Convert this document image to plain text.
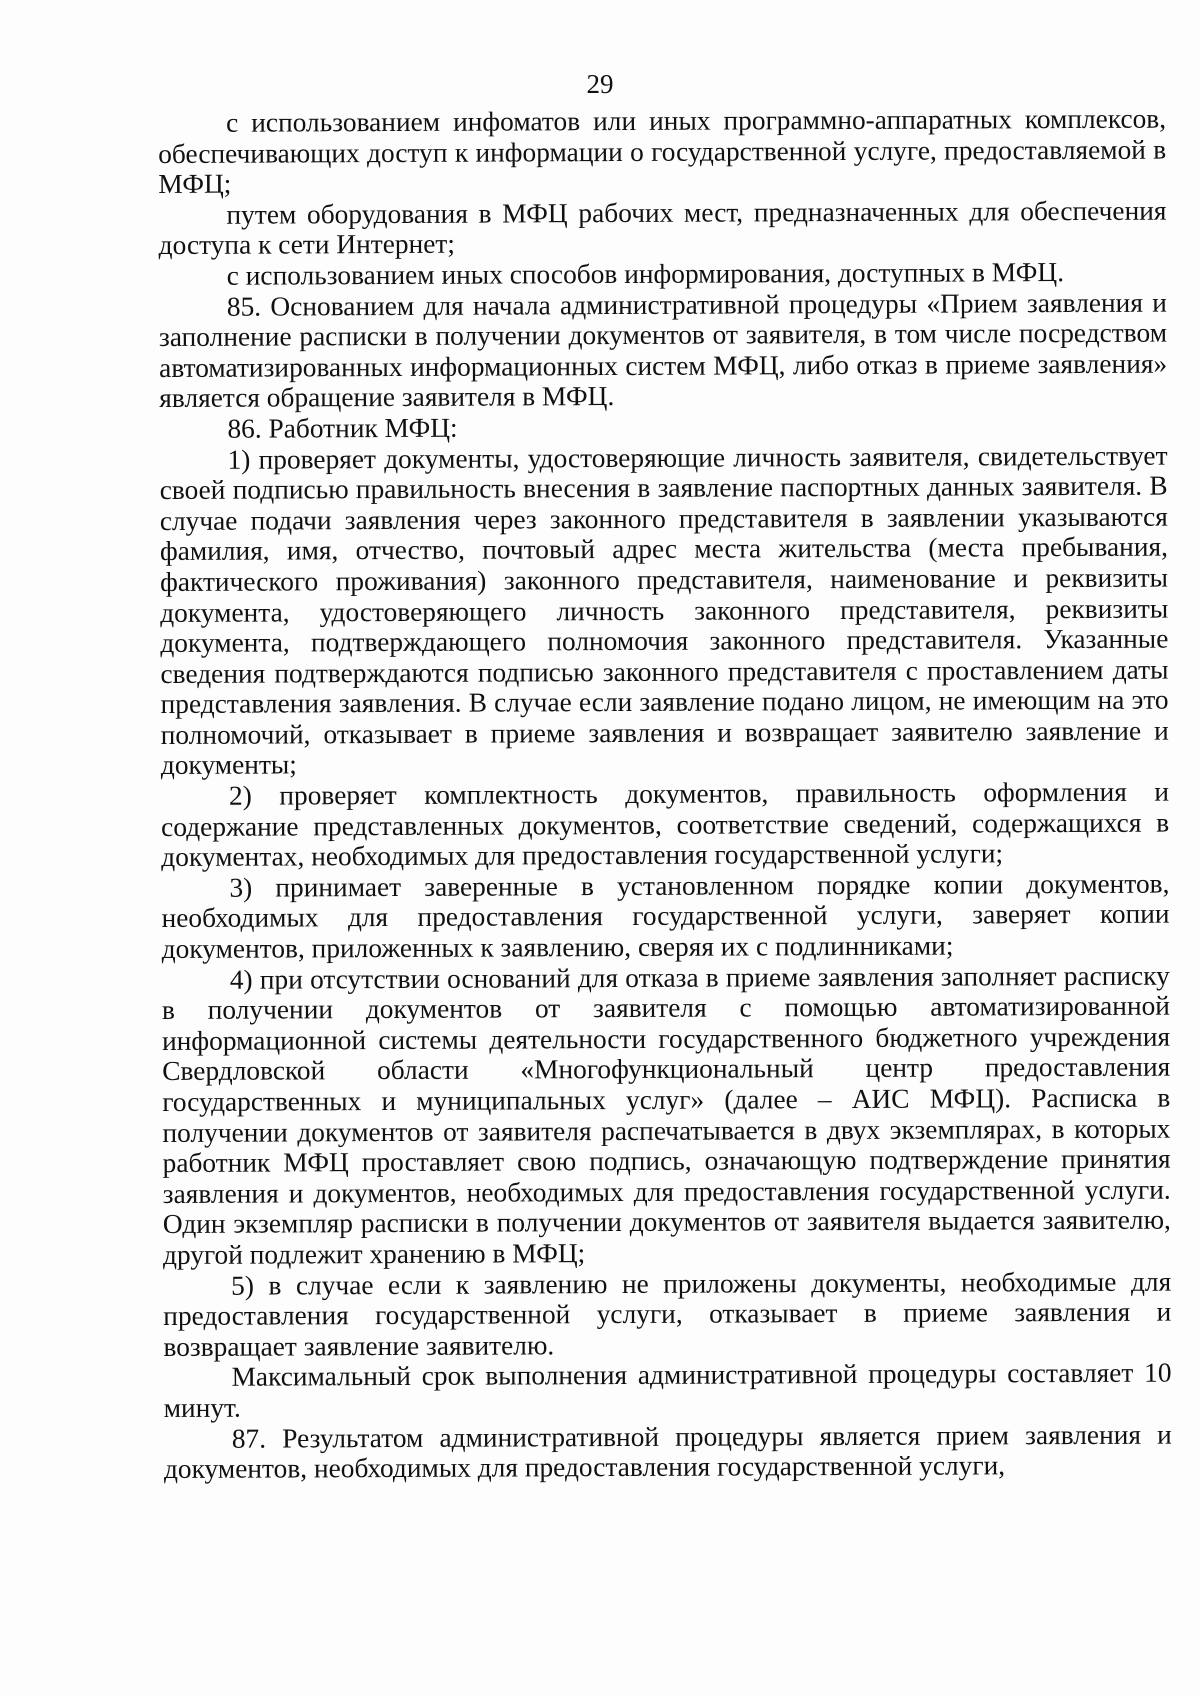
29

с использованием инфоматов или иных программно-аппаратных комплексов, обеспечивающих доступ к информации о государственной услуге, предоставляемой в МФЦ;

путем оборудования в МФЦ рабочих мест, предназначенных для обеспечения доступа к сети Интернет;

с использованием иных способов информирования, доступных в МФЦ.

85. Основанием для начала административной процедуры «Прием заявления и заполнение расписки в получении документов от заявителя, в том числе посредством автоматизированных информационных систем МФЦ, либо отказ в приеме заявления» является обращение заявителя в МФЦ.

86. Работник МФЦ:

1) проверяет документы, удостоверяющие личность заявителя, свидетельствует своей подписью правильность внесения в заявление паспортных данных заявителя. В случае подачи заявления через законного представителя в заявлении указываются фамилия, имя, отчество, почтовый адрес места жительства (места пребывания, фактического проживания) законного представителя, наименование и реквизиты документа, удостоверяющего личность законного представителя, реквизиты документа, подтверждающего полномочия законного представителя. Указанные сведения подтверждаются подписью законного представителя с проставлением даты представления заявления. В случае если заявление подано лицом, не имеющим на это полномочий, отказывает в приеме заявления и возвращает заявителю заявление и документы;

2) проверяет комплектность документов, правильность оформления и содержание представленных документов, соответствие сведений, содержащихся в документах, необходимых для предоставления государственной услуги;

3) принимает заверенные в установленном порядке копии документов, необходимых для предоставления государственной услуги, заверяет копии документов, приложенных к заявлению, сверяя их с подлинниками;

4) при отсутствии оснований для отказа в приеме заявления заполняет расписку в получении документов от заявителя с помощью автоматизированной информационной системы деятельности государственного бюджетного учреждения Свердловской области «Многофункциональный центр предоставления государственных и муниципальных услуг» (далее – АИС МФЦ). Расписка в получении документов от заявителя распечатывается в двух экземплярах, в которых работник МФЦ проставляет свою подпись, означающую подтверждение принятия заявления и документов, необходимых для предоставления государственной услуги. Один экземпляр расписки в получении документов от заявителя выдается заявителю, другой подлежит хранению в МФЦ;

5) в случае если к заявлению не приложены документы, необходимые для предоставления государственной услуги, отказывает в приеме заявления и возвращает заявление заявителю.

Максимальный срок выполнения административной процедуры составляет 10 минут.

87. Результатом административной процедуры является прием заявления и документов, необходимых для предоставления государственной услуги,
